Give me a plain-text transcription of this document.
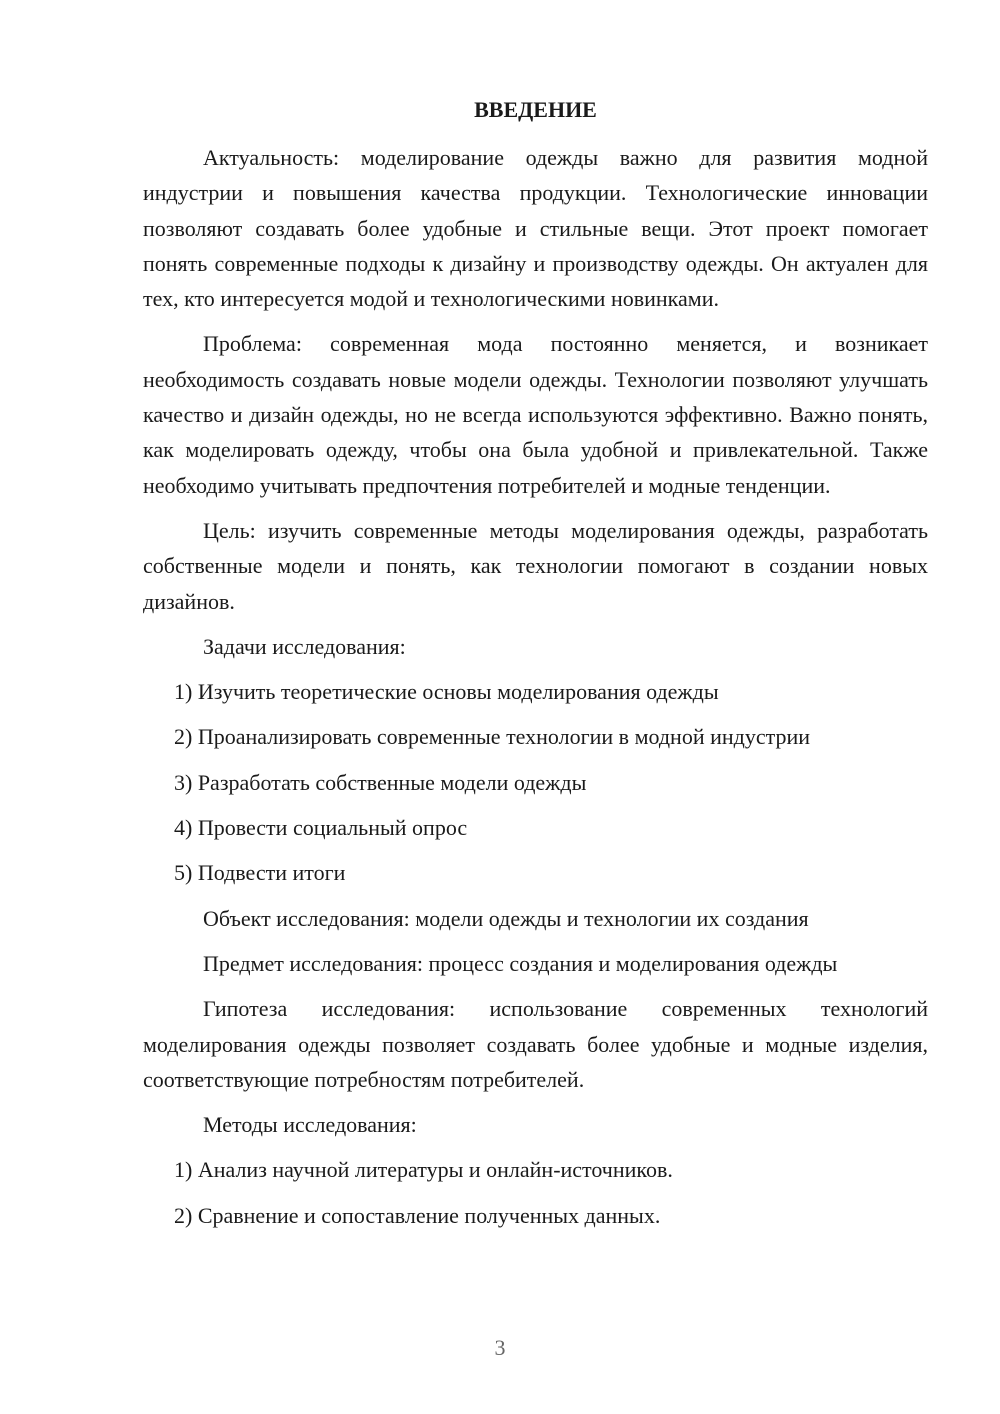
ВВЕДЕНИЕ

Актуальность: моделирование одежды важно для развития модной индустрии и повышения качества продукции. Технологические инновации позволяют создавать более удобные и стильные вещи. Этот проект помогает понять современные подходы к дизайну и производству одежды. Он актуален для тех, кто интересуется модой и технологическими новинками.

Проблема: современная мода постоянно меняется, и возникает необходимость создавать новые модели одежды. Технологии позволяют улучшать качество и дизайн одежды, но не всегда используются эффективно. Важно понять, как моделировать одежду, чтобы она была удобной и привлекательной. Также необходимо учитывать предпочтения потребителей и модные тенденции.

Цель: изучить современные методы моделирования одежды, разработать собственные модели и понять, как технологии помогают в создании новых дизайнов.

Задачи исследования:

1) Изучить теоретические основы моделирования одежды

2) Проанализировать современные технологии в модной индустрии

3) Разработать собственные модели одежды

4) Провести социальный опрос

5) Подвести итоги

Объект исследования: модели одежды и технологии их создания

Предмет исследования: процесс создания и моделирования одежды

Гипотеза исследования: использование современных технологий моделирования одежды позволяет создавать более удобные и модные изделия, соответствующие потребностям потребителей.

Методы исследования:

1) Анализ научной литературы и онлайн-источников.

2) Сравнение и сопоставление полученных данных.

3
